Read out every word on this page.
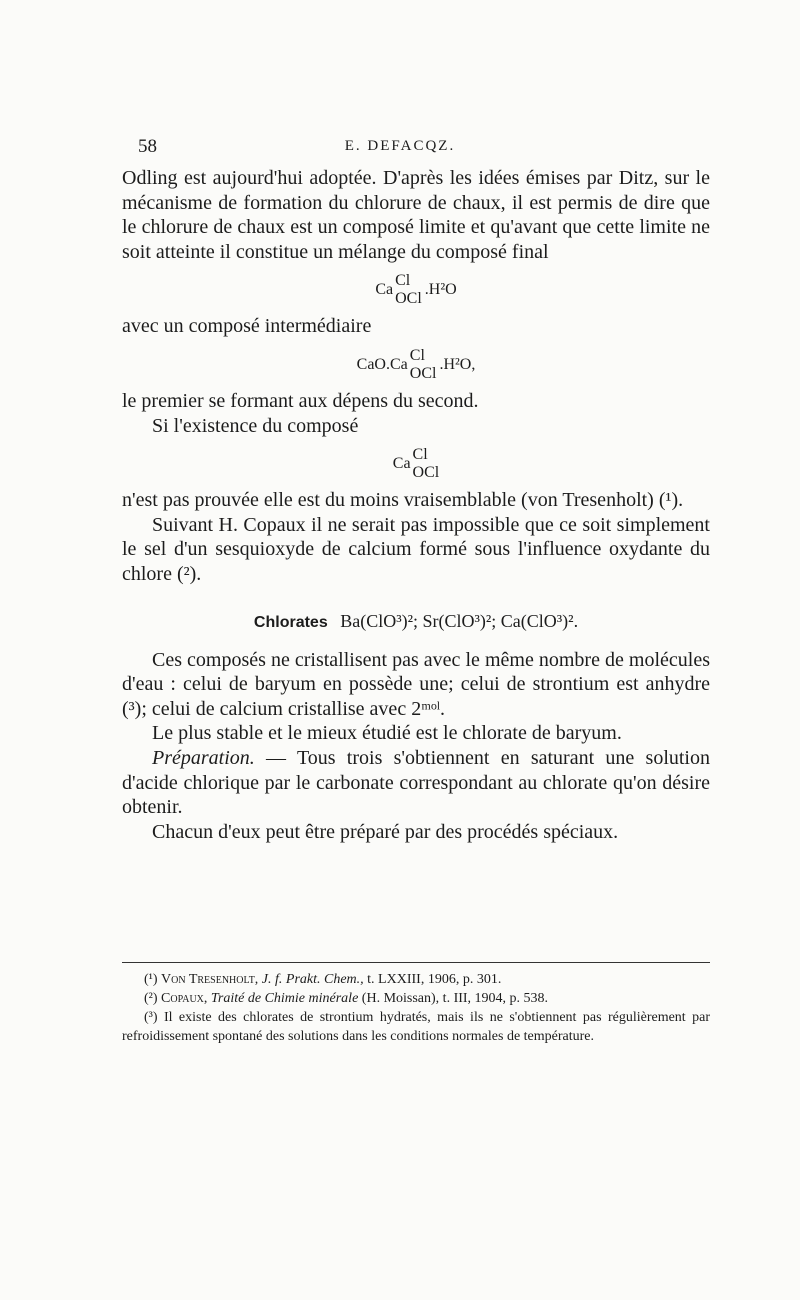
58	E. DEFACQZ.

Odling est aujourd'hui adoptée. D'après les idées émises par Ditz, sur le mécanisme de formation du chlorure de chaux, il est permis de dire que le chlorure de chaux est un composé limite et qu'avant que cette limite ne soit atteinte il constitue un mélange du composé final

Ca
Cl
OCl
.H²O

avec un composé intermédiaire

CaO.Ca
Cl
OCl
.H²O,

le premier se formant aux dépens du second.

Si l'existence du composé

Ca
Cl
OCl

n'est pas prouvée elle est du moins vraisemblable (von Tresenholt) (¹).

Suivant H. Copaux il ne serait pas impossible que ce soit simplement le sel d'un sesquioxyde de calcium formé sous l'influence oxydante du chlore (²).

Chlorates Ba(ClO³)²; Sr(ClO³)²; Ca(ClO³)².

Ces composés ne cristallisent pas avec le même nombre de molécules d'eau : celui de baryum en possède une; celui de strontium est anhydre (³); celui de calcium cristallise avec 2ᵐᵒˡ.

Le plus stable et le mieux étudié est le chlorate de baryum.

Préparation. — Tous trois s'obtiennent en saturant une solution d'acide chlorique par le carbonate correspondant au chlorate qu'on désire obtenir.

Chacun d'eux peut être préparé par des procédés spéciaux.

(¹) Von Tresenholt, J. f. Prakt. Chem., t. LXXIII, 1906, p. 301.

(²) Copaux, Traité de Chimie minérale (H. Moissan), t. III, 1904, p. 538.

(³) Il existe des chlorates de strontium hydratés, mais ils ne s'obtiennent pas régulièrement par refroidissement spontané des solutions dans les conditions normales de température.
